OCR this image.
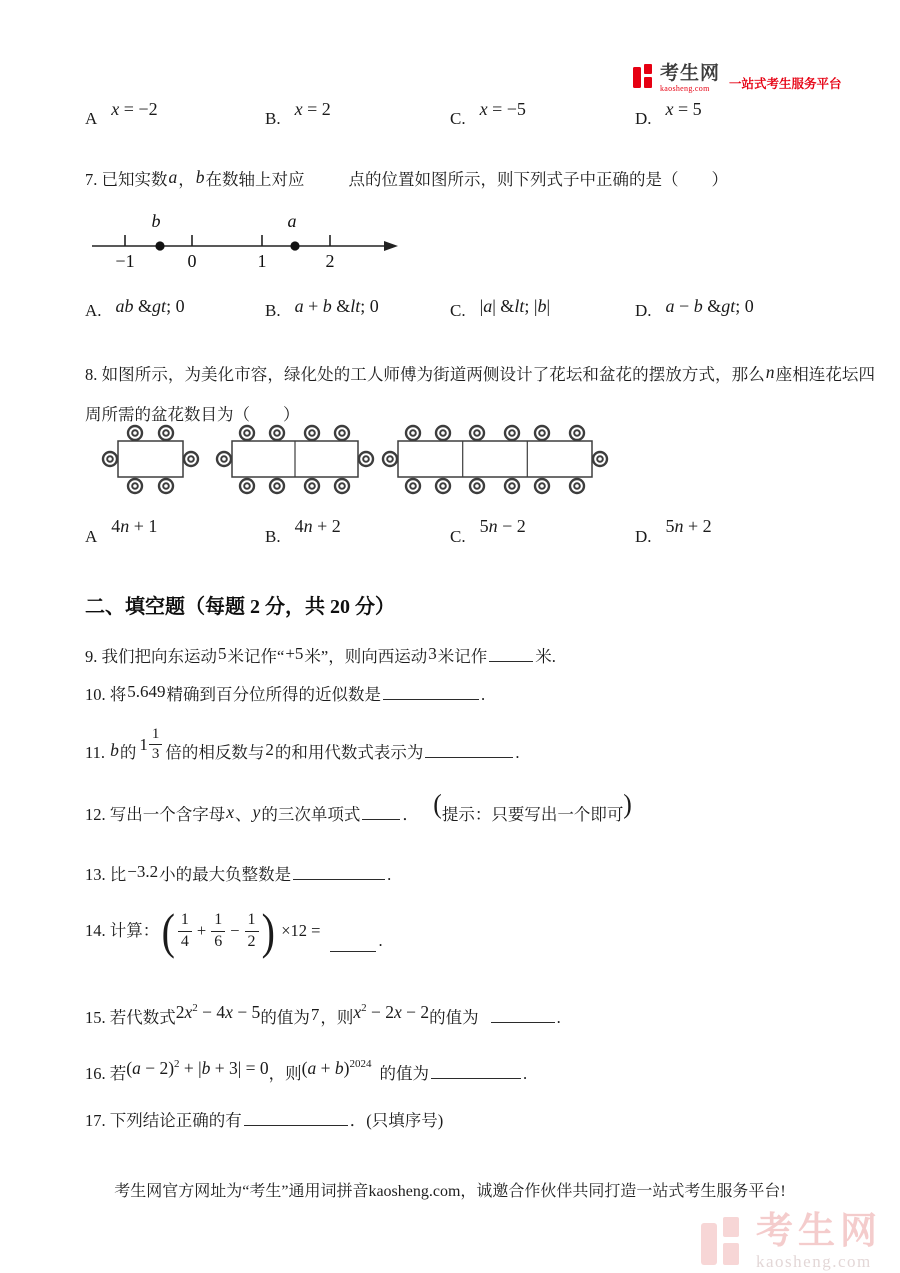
考生网
kaosheng.com	一站式考生服务平台
A x = −2	B. x = 2	C. x = −5	D. x = 5
7. 已知实数a，b在数轴上对应	点的位置如图所示，则下列式子中正确的是（　　）
−1	0	1	2
b	a
A. ab &gt; 0	B. a + b &lt; 0	C. |a| &lt; |b|	D. a − b &gt; 0
8. 如图所示，为美化市容，绿化处的工人师傅为街道两侧设计了花坛和盆花的摆放方式，那么n座相连花坛四周所需的盆花数目为（　　）
A4n + 1
B.4n + 2
C.5n − 2
D.5n + 2
二、填空题（每题 2 分，共 20 分）
9. 我们把向东运动5米记作“+5米”，则向西运动3米记作	米.
10. 将5.649精确到百分位所得的近似数是	.
11. b的 $1 \frac{1}{3}$ 倍的相反数与2的和用代数式表示为	.
12. 写出一个含字母x、y的三次单项式	． (提示：只要写出一个即可)
13. 比−3.2小的最大负整数是	.
14. 计算： ( $\frac{1}{4} + \frac{1}{6} - \frac{1}{2}$ ) ×12 =
.
15. 若代数式$2x^2 - 4x - 5$的值为7，则$x^2 - 2x - 2$的值为	.
16. 若$(a - 2)^2 + |b + 3| = 0$，则$(a + b)^{2024}$ 的值为	.
17. 下列结论正确的有	．(只填序号)
考生网官方网址为“考生”通用词拼音kaosheng.com，诚邀合作伙伴共同打造一站式考生服务平台!
考生网
kaosheng.com
